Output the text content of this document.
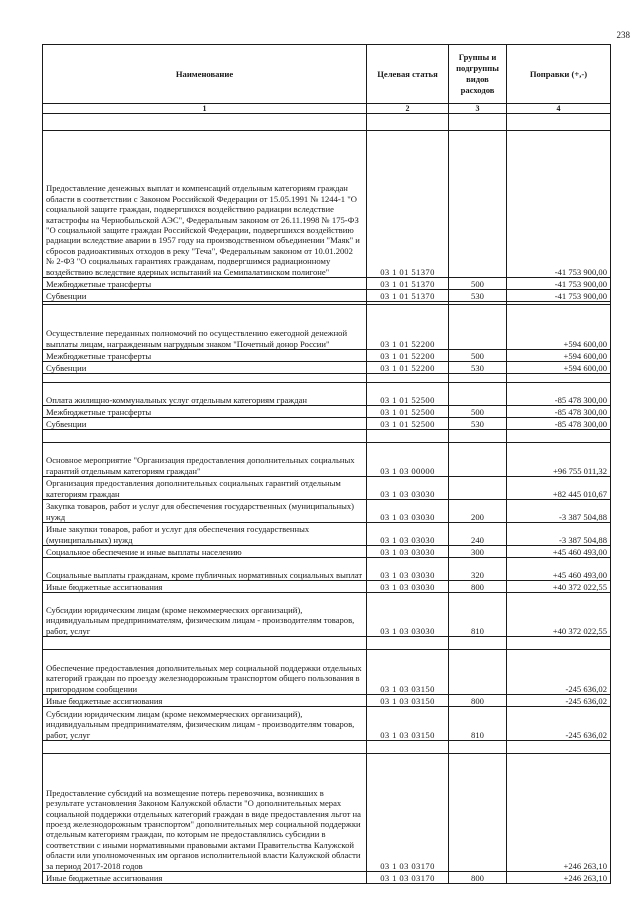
238
Наименование	Целевая статья	Группы и подгруппы видов расходов	Поправки (+,-)
1	2	3	4

Предоставление денежных выплат и компенсаций отдельным категориям граждан области в соответствии с Законом Российской Федерации от 15.05.1991 № 1244-1 "О социальной защите граждан, подвергшихся воздействию радиации вследствие катастрофы на Чернобыльской АЭС", Федеральным законом от 26.11.1998 № 175-ФЗ "О социальной защите граждан Российской Федерации, подвергшихся воздействию радиации вследствие аварии в 1957 году на производственном объединении "Маяк" и сбросов радиоактивных отходов в реку "Теча", Федеральным законом от 10.01.2002 № 2-ФЗ "О социальных гарантиях гражданам, подвергшимся радиационному воздействию вследствие ядерных испытаний на Семипалатинском полигоне"	03 1 01 51370		-41 753 900,00
Межбюджетные трансферты	03 1 01 51370	500	-41 753 900,00
Субвенции	03 1 01 51370	530	-41 753 900,00

Осуществление переданных полномочий по осуществлению ежегодной денежной выплаты лицам, награжденным нагрудным знаком "Почетный донор России"	03 1 01 52200		+594 600,00
Межбюджетные трансферты	03 1 01 52200	500	+594 600,00
Субвенции	03 1 01 52200	530	+594 600,00

Оплата жилищно-коммунальных услуг отдельным категориям граждан	03 1 01 52500		-85 478 300,00
Межбюджетные трансферты	03 1 01 52500	500	-85 478 300,00
Субвенции	03 1 01 52500	530	-85 478 300,00

Основное мероприятие "Организация предоставления дополнительных социальных гарантий отдельным категориям граждан"	03 1 03 00000		+96 755 011,32
Организация предоставления дополнительных социальных гарантий отдельным категориям граждан	03 1 03 03030		+82 445 010,67
Закупка товаров, работ и услуг для обеспечения государственных (муниципальных) нужд	03 1 03 03030	200	-3 387 504,88
Иные закупки товаров, работ и услуг для обеспечения государственных (муниципальных) нужд	03 1 03 03030	240	-3 387 504,88
Социальное обеспечение и иные выплаты населению	03 1 03 03030	300	+45 460 493,00
Социальные выплаты гражданам, кроме публичных нормативных социальных выплат	03 1 03 03030	320	+45 460 493,00
Иные бюджетные ассигнования	03 1 03 03030	800	+40 372 022,55
Субсидии юридическим лицам (кроме некоммерческих организаций), индивидуальным предпринимателям, физическим лицам - производителям товаров, работ, услуг	03 1 03 03030	810	+40 372 022,55

Обеспечение предоставления дополнительных мер социальной поддержки отдельных категорий граждан по проезду железнодорожным транспортом общего пользования в пригородном сообщении	03 1 03 03150		-245 636,02
Иные бюджетные ассигнования	03 1 03 03150	800	-245 636,02
Субсидии юридическим лицам (кроме некоммерческих организаций), индивидуальным предпринимателям, физическим лицам - производителям товаров, работ, услуг	03 1 03 03150	810	-245 636,02

Предоставление субсидий на возмещение потерь перевозчика, возникших в результате установления Законом Калужской области "О дополнительных мерах социальной поддержки отдельных категорий граждан в виде предоставления льгот на проезд железнодорожным транспортом" дополнительных мер социальной поддержки отдельным категориям граждан, по которым не предоставлялись субсидии в соответствии с иными нормативными правовыми актами Правительства Калужской области или уполномоченных им органов исполнительной власти Калужской области за период 2017-2018 годов	03 1 03 03170		+246 263,10
Иные бюджетные ассигнования	03 1 03 03170	800	+246 263,10
